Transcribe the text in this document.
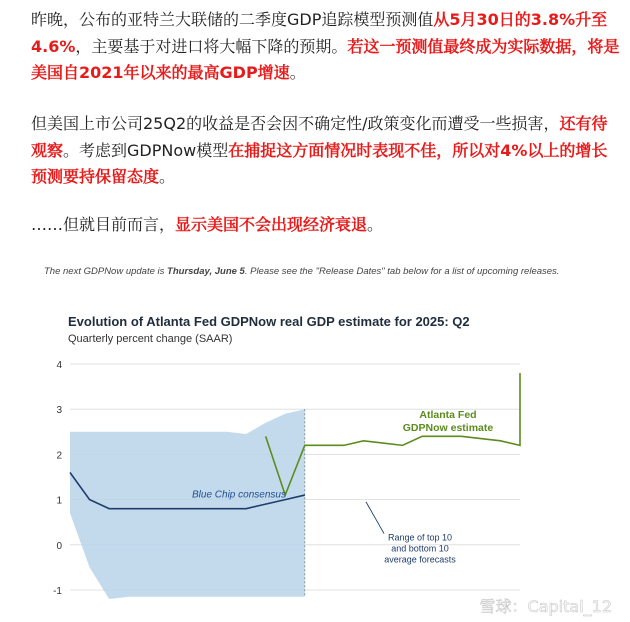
昨晚，公布的亚特兰大联储的二季度GDP追踪模型预测值从5月30日的3.8%升至4.6%，主要基于对进口将大幅下降的预期。若这一预测值最终成为实际数据，将是美国自2021年以来的最高GDP增速。

但美国上市公司25Q2的收益是否会因不确定性/政策变化而遭受一些损害，还有待观察。考虑到GDPNow模型在捕捉这方面情况时表现不佳，所以对4%以上的增长预测要持保留态度。

……但就目前而言，显示美国不会出现经济衰退。

The next GDPNow update is Thursday, June 5. Please see the "Release Dates" tab below for a list of upcoming releases.
Evolution of Atlanta Fed GDPNow real GDP estimate for 2025: Q2
Quarterly percent change (SAAR)
-1
0
1
2
3
4
Blue Chip consensus
Atlanta Fed
GDPNow estimate
Range of top 10
and bottom 10
average forecasts
雪球：Capital_12
